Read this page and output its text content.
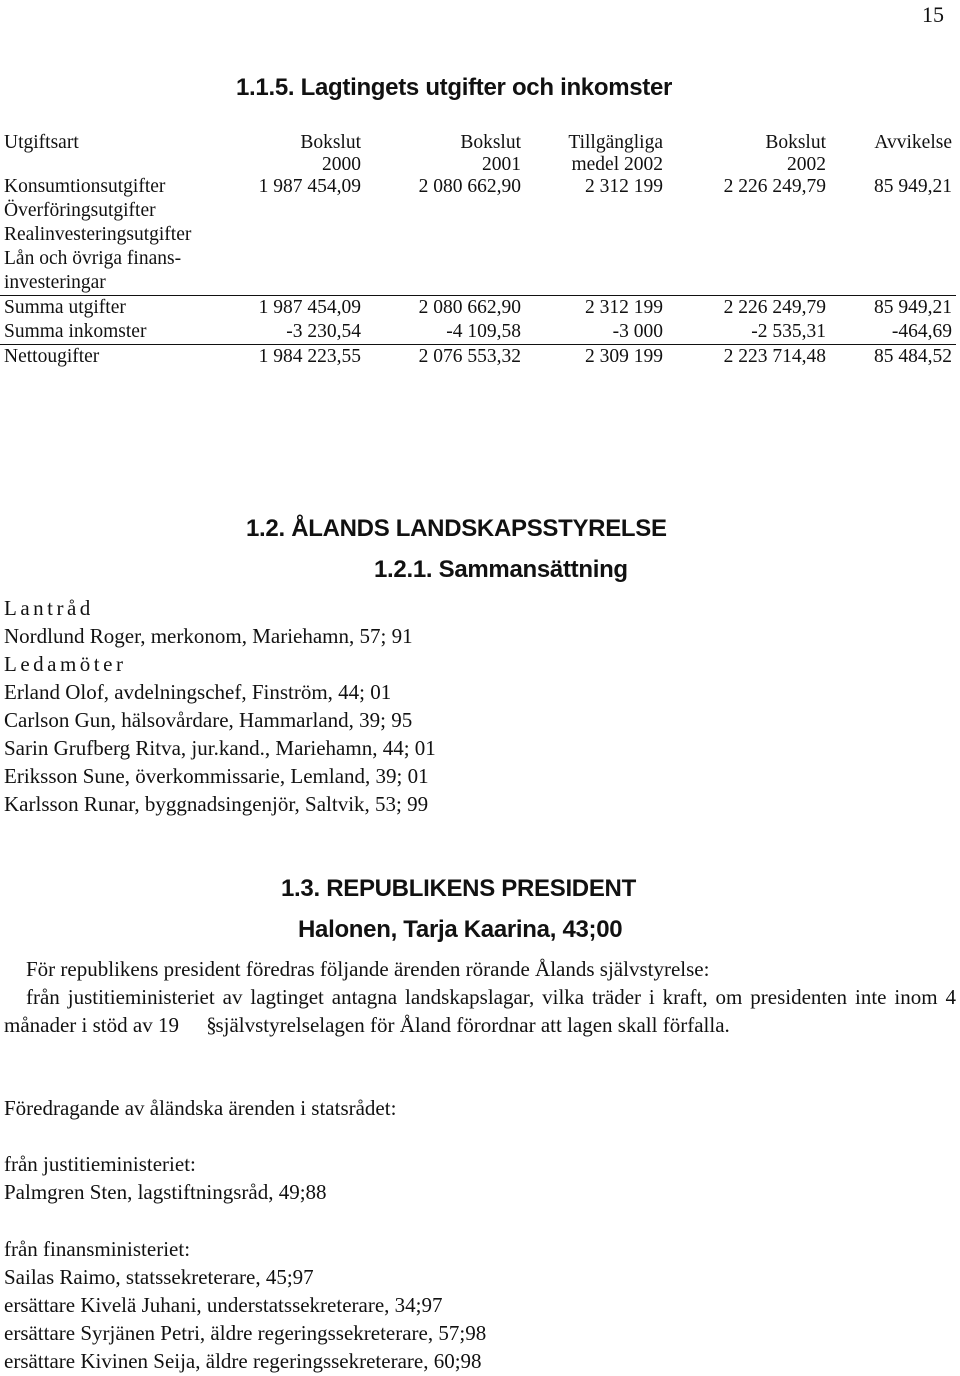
15
1.1.5. Lagtingets utgifter och inkomster
Utgiftsart	Bokslut	Bokslut	Tillgängliga	Bokslut	Avvikelse
	2000	2001	medel 2002	2002	
Konsumtionsutgifter	1 987 454,09	2 080 662,90	2 312 199	2 226 249,79	85 949,21
Överföringsutgifter					
Realinvesteringsutgifter					
Lån och övriga finans-					
investeringar					
Summa utgifter	1 987 454,09	2 080 662,90	2 312 199	2 226 249,79	85 949,21
Summa inkomster	-3 230,54	-4 109,58	-3 000	-2 535,31	-464,69
Nettougifter	1 984 223,55	2 076 553,32	2 309 199	2 223 714,48	85 484,52
1.2. ÅLANDS LANDSKAPSSTYRELSE
1.2.1. Sammansättning
Lantråd
Nordlund Roger, merkonom, Mariehamn, 57; 91
Ledamöter
Erland Olof, avdelningschef, Finström, 44; 01
Carlson Gun, hälsovårdare, Hammarland, 39; 95
Sarin Grufberg Ritva, jur.kand., Mariehamn, 44; 01
Eriksson Sune, överkommissarie, Lemland, 39; 01
Karlsson Runar, byggnadsingenjör, Saltvik, 53; 99
1.3. REPUBLIKENS PRESIDENT
Halonen, Tarja Kaarina, 43;00
För republikens president föredras följande ärenden rörande Ålands självstyrelse:
från justitieministeriet av lagtinget antagna landskapslagar, vilka träder i kraft, om presidenten inte inom 4 månader i stöd av 19 § självstyrelselagen för Åland förordnar att lagen skall förfalla.
Föredragande av åländska ärenden i statsrådet:
från justitieministeriet:
Palmgren Sten, lagstiftningsråd, 49;88
från finansministeriet:
Sailas Raimo, statssekreterare, 45;97
ersättare Kivelä Juhani, understatssekreterare, 34;97
ersättare Syrjänen Petri, äldre regeringssekreterare, 57;98
ersättare Kivinen Seija, äldre regeringssekreterare, 60;98
